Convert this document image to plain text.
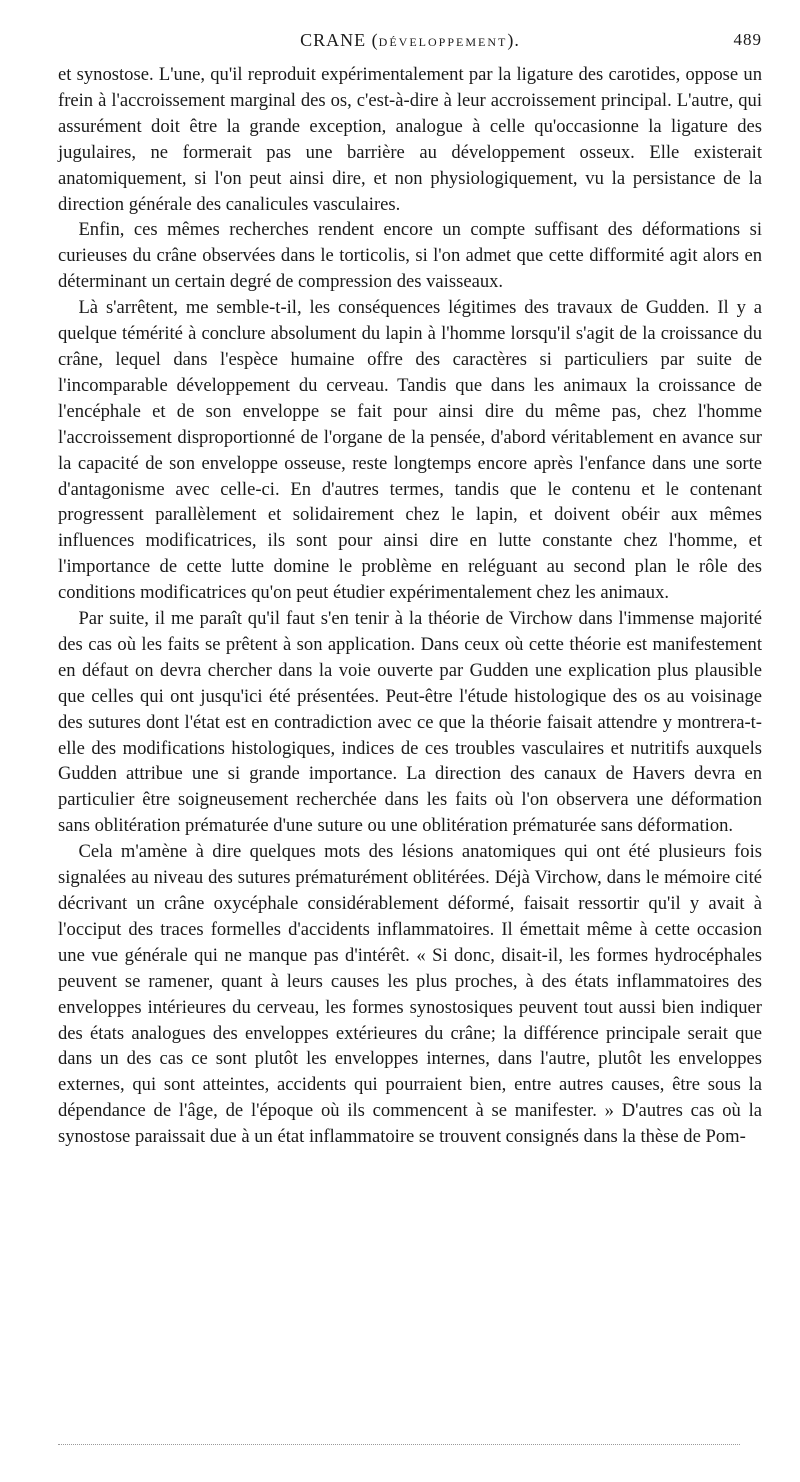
CRANE (DÉVELOPPEMENT).	489

et synostose. L'une, qu'il reproduit expérimentalement par la ligature des carotides, oppose un frein à l'accroissement marginal des os, c'est-à-dire à leur accroissement principal. L'autre, qui assurément doit être la grande exception, analogue à celle qu'occasionne la ligature des jugulaires, ne formerait pas une barrière au développement osseux. Elle existerait anatomiquement, si l'on peut ainsi dire, et non physiologiquement, vu la persistance de la direction générale des canalicules vasculaires.

Enfin, ces mêmes recherches rendent encore un compte suffisant des déformations si curieuses du crâne observées dans le torticolis, si l'on admet que cette difformité agit alors en déterminant un certain degré de compression des vaisseaux.

Là s'arrêtent, me semble-t-il, les conséquences légitimes des travaux de Gudden. Il y a quelque témérité à conclure absolument du lapin à l'homme lorsqu'il s'agit de la croissance du crâne, lequel dans l'espèce humaine offre des caractères si particuliers par suite de l'incomparable développement du cerveau. Tandis que dans les animaux la croissance de l'encéphale et de son enveloppe se fait pour ainsi dire du même pas, chez l'homme l'accroissement disproportionné de l'organe de la pensée, d'abord véritablement en avance sur la capacité de son enveloppe osseuse, reste longtemps encore après l'enfance dans une sorte d'antagonisme avec celle-ci. En d'autres termes, tandis que le contenu et le contenant progressent parallèlement et solidairement chez le lapin, et doivent obéir aux mêmes influences modificatrices, ils sont pour ainsi dire en lutte constante chez l'homme, et l'importance de cette lutte domine le problème en reléguant au second plan le rôle des conditions modificatrices qu'on peut étudier expérimentalement chez les animaux.

Par suite, il me paraît qu'il faut s'en tenir à la théorie de Virchow dans l'immense majorité des cas où les faits se prêtent à son application. Dans ceux où cette théorie est manifestement en défaut on devra chercher dans la voie ouverte par Gudden une explication plus plausible que celles qui ont jusqu'ici été présentées. Peut-être l'étude histologique des os au voisinage des sutures dont l'état est en contradiction avec ce que la théorie faisait attendre y montrera-t-elle des modifications histologiques, indices de ces troubles vasculaires et nutritifs auxquels Gudden attribue une si grande importance. La direction des canaux de Havers devra en particulier être soigneusement recherchée dans les faits où l'on observera une déformation sans oblitération prématurée d'une suture ou une oblitération prématurée sans déformation.

Cela m'amène à dire quelques mots des lésions anatomiques qui ont été plusieurs fois signalées au niveau des sutures prématurément oblitérées. Déjà Virchow, dans le mémoire cité décrivant un crâne oxycéphale considérablement déformé, faisait ressortir qu'il y avait à l'occiput des traces formelles d'accidents inflammatoires. Il émettait même à cette occasion une vue générale qui ne manque pas d'intérêt. « Si donc, disait-il, les formes hydrocéphales peuvent se ramener, quant à leurs causes les plus proches, à des états inflammatoires des enveloppes intérieures du cerveau, les formes synostosiques peuvent tout aussi bien indiquer des états analogues des enveloppes extérieures du crâne; la différence principale serait que dans un des cas ce sont plutôt les enveloppes internes, dans l'autre, plutôt les enveloppes externes, qui sont atteintes, accidents qui pourraient bien, entre autres causes, être sous la dépendance de l'âge, de l'époque où ils commencent à se manifester. » D'autres cas où la synostose paraissait due à un état inflammatoire se trouvent consignés dans la thèse de Pom-
